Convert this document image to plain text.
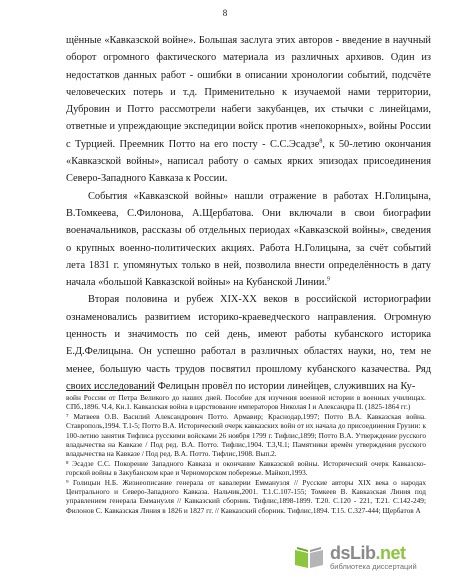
8

щённые «Кавказской войне». Большая заслуга этих авторов - введение в научный оборот огромного фактического материала из различных архивов. Один из недостатков данных работ - ошибки в описании хронологии событий, подсчёте человеческих потерь и т.д. Применительно к изучаемой нами территории, Дубровин и Потто рассмотрели набеги закубанцев, их стычки с линейцами, ответные и упреждающие экспедиции войск против «непокорных», войны России с Турцией. Преемник Потто на его посту - С.С.Эсадзе$^8$, к 50-летию окончания «Кавказской войны», написал работу о самых ярких эпизодах присоединения Северо-Западного Кавказа к России.

События «Кавказской войны» нашли отражение в работах Н.Голицына, В.Томкеева, С.Филонова, А.Щербатова. Они включали в свои биографии военачальников, рассказы об отдельных периодах «Кавказской войны», сведения о крупных военно-политических акциях. Работа Н.Голицына, за счёт событий лета 1831 г. упомянутых только в ней, позволила внести определённость в дату начала «большой Кавказской войны» на Кубанской Линии.$^9$

Вторая половина и рубеж XIX-XX веков в российской историографии ознаменовались развитием историко-краеведческого направления. Огромную ценность и значимость по сей день, имеют работы кубанского историка Е.Д.Фелицына. Он успешно работал в различных областях науки, но, тем не менее, большую часть трудов посвятил прошлому кубанского казачества. Ряд своих исследований Фелицын провёл по истории линейцев, служивших на Ку-

войн России от Петра Великого до наших дней. Пособие для изучения военной истории в военных училищах. СПб.,1896. Ч.4, Кн.1. Кавказская война в царствование императоров Николая I и Александра II. (1825-1864 гг.)
⁷ Матвеев О.В. Василий Александрович Потто. Армавир; Краснодар,1997; Потто В.А. Кавказская война. Ставрополь,1994. Т.1-5; Потто В.А. Исторический очерк кавказских войн от их начала до присоединения Грузии: к 100-летию занятия Тифлиса русскими войсками 26 ноября 1799 г. Тифлис,1899; Потто В.А. Утверждение русского владычества на Кавказе / Под ред. В.А. Потто. Тифлис,1904. Т.3,Ч.1; Памятники времён утверждения русского владычества на Кавказе / Под ред. В.А. Потто. Тифлис,1908. Вып.2.
⁸ Эсадзе С.С. Покорение Западного Кавказа и окончание Кавказской войны. Исторический очерк Кавказско-горской войны в Закубанском крае и Черноморском побережье. Майкоп,1993.
⁹ Голицын Н.Б. Жизнеописание генерала от кавалерии Еммануэля // Русские авторы XIX века о народах Центрального и Северо-Западного Кавказа. Нальчик,2001. Т.1.С.107-155; Томкеев В. Кавказская Линия под управлением генерала Еммануэля // Кавказский сборник. Тифлис,1898-1899. Т.20. С.120 - 221, Т.21. С.142-249; Филонов С. Кавказская Линия в 1826 и 1827 гг. // Кавказский сборник. Тифлис,1894. Т.15. С.327-444; Щербатов А
dsLib.net
библиотека диссертаций
